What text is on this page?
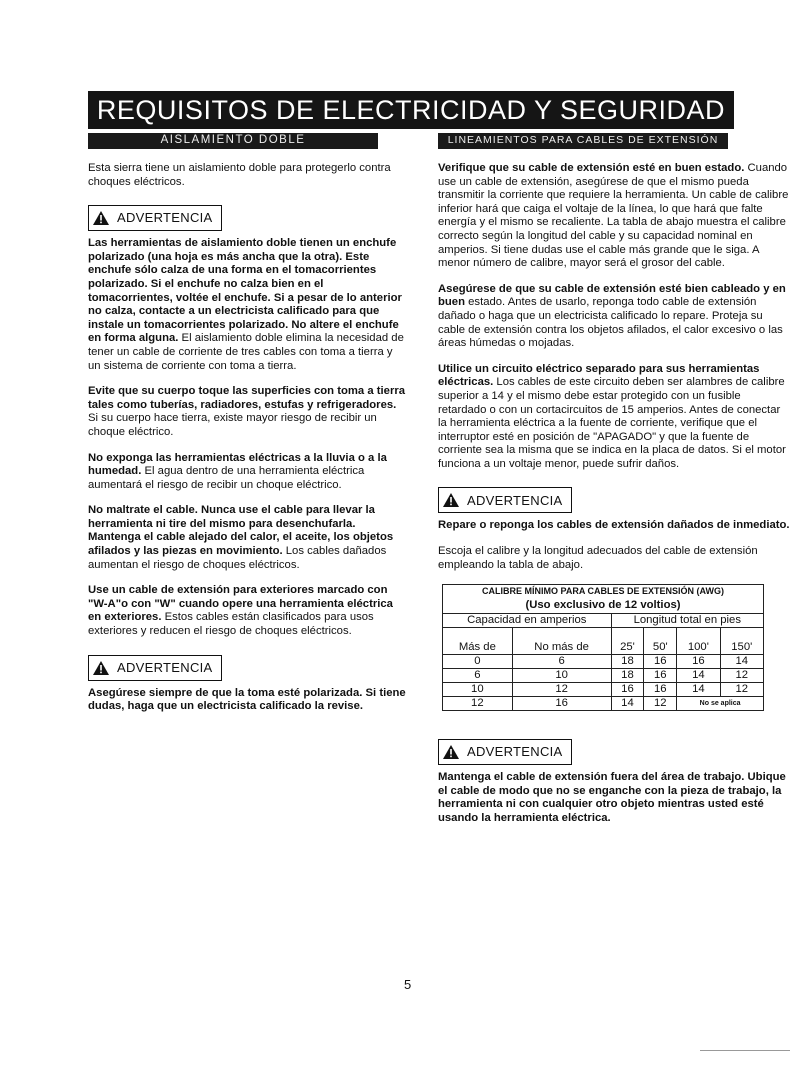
REQUISITOS DE ELECTRICIDAD Y SEGURIDAD
AISLAMIENTO DOBLE

Esta sierra tiene un aislamiento doble para protegerlo contra choques eléctricos.

ADVERTENCIA

Las herramientas de aislamiento doble tienen un enchufe polarizado (una hoja es más ancha que la otra). Este enchufe sólo calza de una forma en el tomacorrientes polarizado. Si el enchufe no calza bien en el tomacorrientes, voltée el enchufe. Si a pesar de lo anterior no calza, contacte a un electricista calificado para que instale un tomacorrientes polarizado. No altere el enchufe en forma alguna. El aislamiento doble elimina la necesidad de tener un cable de corriente de tres cables con toma a tierra y un sistema de corriente con toma a tierra.

Evite que su cuerpo toque las superficies con toma a tierra tales como tuberías, radiadores, estufas y refrigeradores. Si su cuerpo hace tierra, existe mayor riesgo de recibir un choque eléctrico.

No exponga las herramientas eléctricas a la lluvia o a la humedad. El agua dentro de una herramienta eléctrica aumentará el riesgo de recibir un choque eléctrico.

No maltrate el cable. Nunca use el cable para llevar la herramienta ni tire del mismo para desenchufarla. Mantenga el cable alejado del calor, el aceite, los objetos afilados y las piezas en movimiento. Los cables dañados aumentan el riesgo de choques eléctricos.

Use un cable de extensión para exteriores marcado con "W-A"o con "W" cuando opere una herramienta eléctrica en exteriores. Estos cables están clasificados para usos exteriores y reducen el riesgo de choques eléctricos.

ADVERTENCIA

Asegúrese siempre de que la toma esté polarizada. Si tiene dudas, haga que un electricista calificado la revise.

LINEAMIENTOS PARA CABLES DE EXTENSIÓN

Verifique que su cable de extensión esté en buen estado. Cuando use un cable de extensión, asegúrese de que el mismo pueda transmitir la corriente que requiere la herramienta. Un cable de calibre inferior hará que caiga el voltaje de la línea, lo que hará que falte energía y el mismo se recaliente. La tabla de abajo muestra el calibre correcto según la longitud del cable y su capacidad nominal en amperios. Si tiene dudas use el cable más grande que le siga. A menor número de calibre, mayor será el grosor del cable.

Asegúrese de que su cable de extensión esté bien cableado y en buen estado. Antes de usarlo, reponga todo cable de extensión dañado o haga que un electricista calificado lo repare. Proteja su cable de extensión contra los objetos afilados, el calor excesivo o las áreas húmedas o mojadas.

Utilice un circuito eléctrico separado para sus herramientas eléctricas. Los cables de este circuito deben ser alambres de calibre superior a 14 y el mismo debe estar protegido con un fusible retardado o con un cortacircuitos de 15 amperios. Antes de conectar la herramienta eléctrica a la fuente de corriente, verifique que el interruptor esté en posición de "APAGADO" y que la fuente de corriente sea la misma que se indica en la placa de datos. Si el motor funciona a un voltaje menor, puede sufrir daños.

ADVERTENCIA

Repare o reponga los cables de extensión dañados de inmediato.

Escoja el calibre y la longitud adecuados del cable de extensión empleando la tabla de abajo.

CALIBRE MÍNIMO PARA CABLES DE EXTENSIÓN (AWG)					
(Uso exclusivo de 12 voltios)					
Capacidad en amperios		Longitud total en pies			

Más de	No más de	25'	50'	100'	150'
0	6	18	16	16	14
6	10	18	16	14	12
10	12	16	16	14	12
12	16	14	12	No se aplica	
ADVERTENCIA

Mantenga el cable de extensión fuera del área de trabajo. Ubique el cable de modo que no se enganche con la pieza de trabajo, la herramienta ni con cualquier otro objeto mientras usted esté usando la herramienta eléctrica.

5
